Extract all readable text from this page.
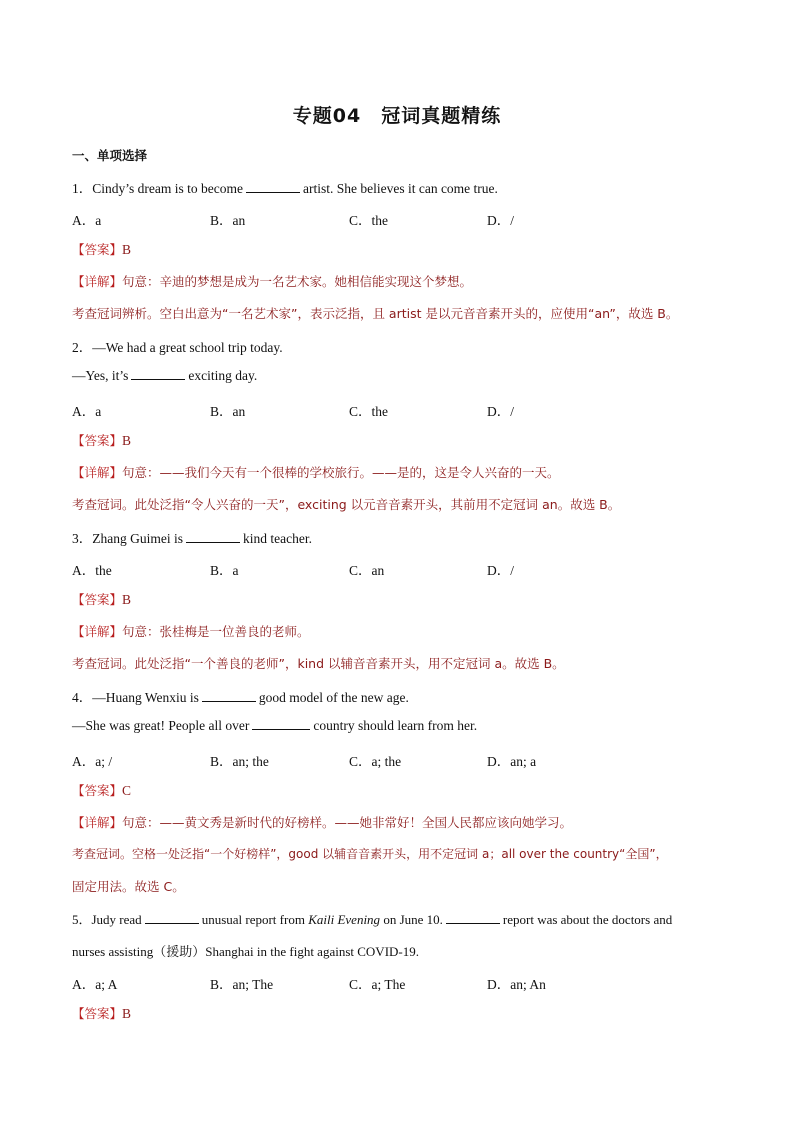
专题04　冠词真题精练
一、单项选择
1．Cindy’s dream is to become	artist. She believes it can come true.
A．a	B．an	C．the	D．/
【答案】B
【详解】句意：辛迪的梦想是成为一名艺术家。她相信能实现这个梦想。
考查冠词辨析。空白出意为“一名艺术家”，表示泛指，且 artist 是以元音音素开头的，应使用“an”，故选 B。
2．—We had a great school trip today.
—Yes, it’s	exciting day.
A．a	B．an	C．the	D．/
【答案】B
【详解】句意：——我们今天有一个很棒的学校旅行。——是的，这是令人兴奋的一天。
考查冠词。此处泛指“令人兴奋的一天”，exciting 以元音音素开头，其前用不定冠词 an。故选 B。
3．Zhang Guimei is	kind teacher.
A．the	B．a	C．an	D．/
【答案】B
【详解】句意：张桂梅是一位善良的老师。
考查冠词。此处泛指“一个善良的老师”，kind 以辅音音素开头，用不定冠词 a。故选 B。
4．—Huang Wenxiu is	good model of the new age.
—She was great! People all over	country should learn from her.
A．a; /	B．an; the	C．a; the	D．an; a
【答案】C
【详解】句意：——黄文秀是新时代的好榜样。——她非常好！全国人民都应该向她学习。
考查冠词。空格一处泛指“一个好榜样”，good 以辅音音素开头，用不定冠词 a；all over the country“全国”，
固定用法。故选 C。
5．Judy read	unusual report from Kaili Evening on June 10.	report was about the doctors and
nurses assisting（援助）Shanghai in the fight against COVID-19.
A．a; A	B．an; The	C．a; The	D．an; An
【答案】B
